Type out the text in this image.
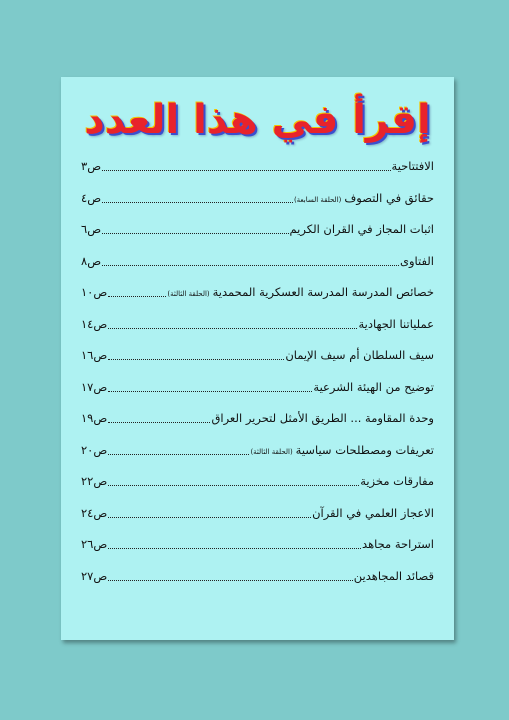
إقرأ في هذا العدد
الافتتاحية
ص٣
حقائق في التصوف(الحلقة السابعة)
ص٤
اثبات المجاز في القران الكريم
ص٦
الفتاوى
ص٨
خصائص المدرسة المدرسة العسكرية المحمدية(الحلقة الثالثة)
ص١٠
عملياتنا الجهادية
ص١٤
سيف السلطان أم سيف الإيمان
ص١٦
توضيح من الهيئة الشرعية
ص١٧
وحدة المقاومة ... الطريق الأمثل لتحرير العراق
ص١٩
تعريفات ومصطلحات سياسية(الحلقة الثالثة)
ص٢٠
مفارقات مخزية
ص٢٢
الاعجاز العلمي في القرآن
ص٢٤
استراحة مجاهد
ص٢٦
قصائد المجاهدين
ص٢٧
